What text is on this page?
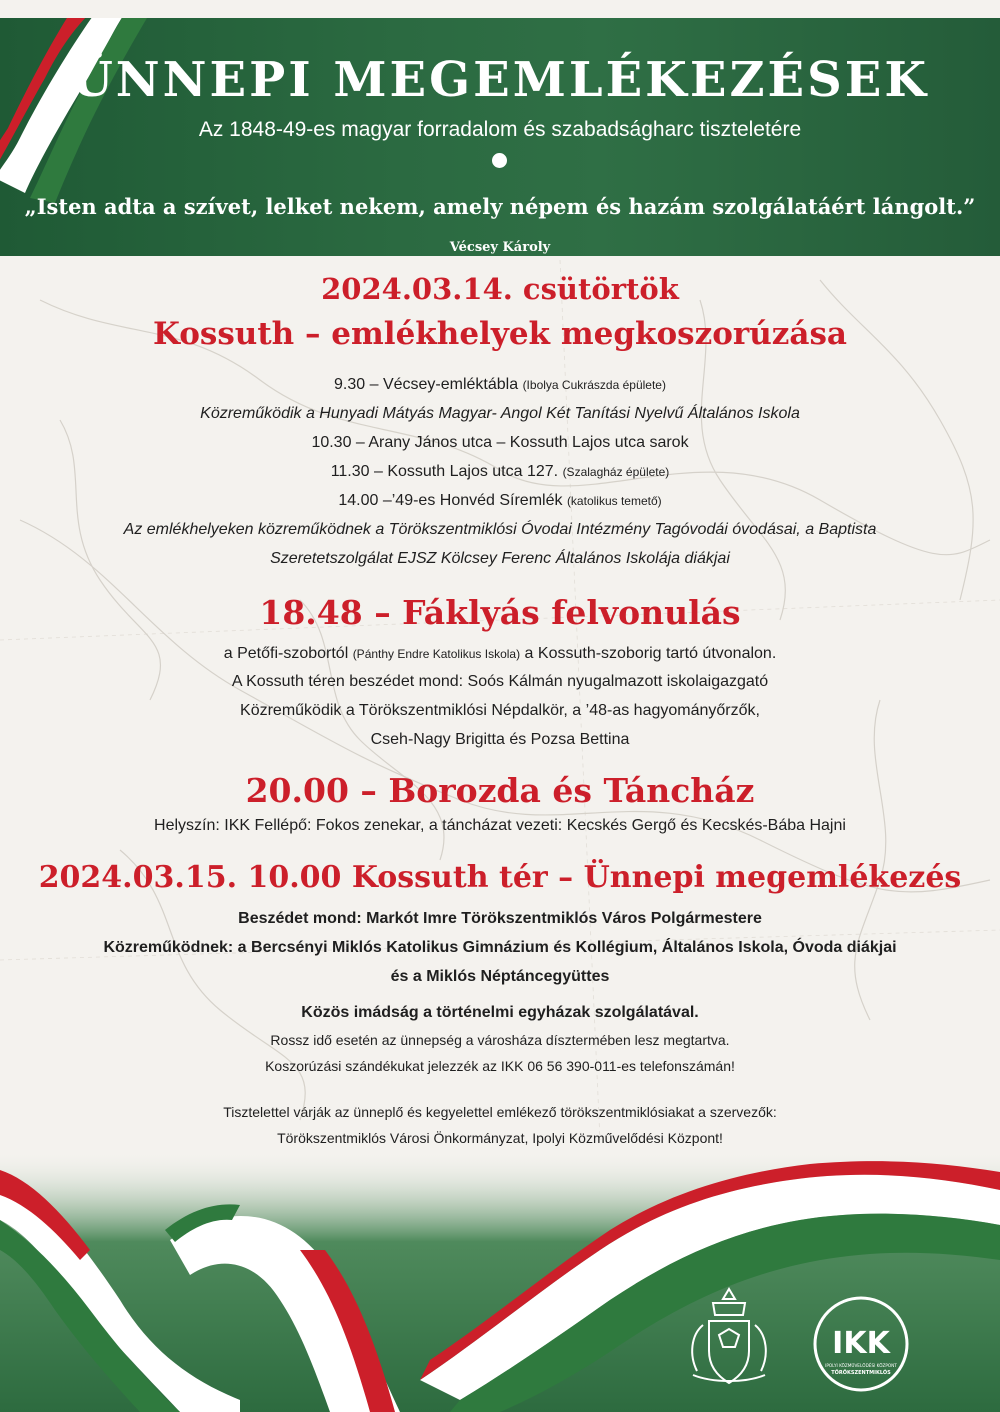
ÜNNEPI MEGEMLÉKEZÉSEK
Az 1848-49-es magyar forradalom és szabadságharc tiszteletére
„Isten adta a szívet, lelket nekem, amely népem és hazám szolgálatáért lángolt.”
Vécsey Károly
2024.03.14. csütörtök
Kossuth – emlékhelyek megkoszorúzása
9.30 – Vécsey-emléktábla (Ibolya Cukrászda épülete)
Közreműködik a Hunyadi Mátyás Magyar- Angol Két Tanítási Nyelvű Általános Iskola
10.30 – Arany János utca – Kossuth Lajos utca sarok
11.30 – Kossuth Lajos utca 127. (Szalagház épülete)
14.00 –’49-es Honvéd Síremlék (katolikus temető)
Az emlékhelyeken közreműködnek a Törökszentmiklósi Óvodai Intézmény Tagóvodái óvodásai, a Baptista
Szeretetszolgálat EJSZ Kölcsey Ferenc Általános Iskolája diákjai
18.48 – Fáklyás felvonulás
a Petőfi-szobortól (Pánthy Endre Katolikus Iskola) a Kossuth-szoborig tartó útvonalon.
A Kossuth téren beszédet mond: Soós Kálmán nyugalmazott iskolaigazgató
Közreműködik a Törökszentmiklósi Népdalkör, a ’48-as hagyományőrzők,
Cseh-Nagy Brigitta és Pozsa Bettina
20.00 – Borozda és Táncház
Helyszín: IKK Fellépő: Fokos zenekar, a táncházat vezeti: Kecskés Gergő és Kecskés-Bába Hajni
2024.03.15. 10.00 Kossuth tér – Ünnepi megemlékezés
Beszédet mond: Markót Imre Törökszentmiklós Város Polgármestere
Közreműködnek: a Bercsényi Miklós Katolikus Gimnázium és Kollégium, Általános Iskola, Óvoda diákjai
és a Miklós Néptáncegyüttes
Közös imádság a történelmi egyházak szolgálatával.
Rossz idő esetén az ünnepség a városháza dísztermében lesz megtartva.
Koszorúzási szándékukat jelezzék az IKK 06 56 390-011-es telefonszámán!
Tisztelettel várják az ünneplő és kegyelettel emlékező törökszentmiklósiakat a szervezők:
Törökszentmiklós Városi Önkormányzat, Ipolyi Közművelődési Központ!
IKK
IPOLYI KÖZMŰVELŐDÉSI KÖZPONT
TÖRÖKSZENTMIKLÓS
